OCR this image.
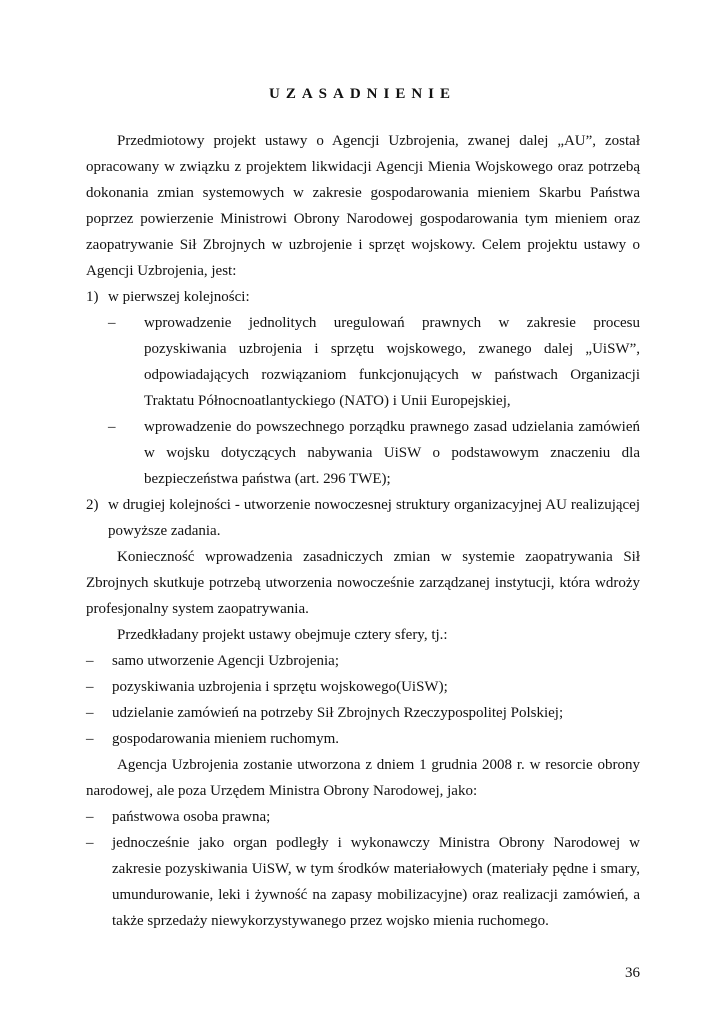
UZASADNIENIE

Przedmiotowy projekt ustawy o Agencji Uzbrojenia, zwanej dalej „AU”, został opracowany w związku z projektem likwidacji Agencji Mienia Wojskowego oraz potrzebą dokonania zmian systemowych w zakresie gospodarowania mieniem Skarbu Państwa poprzez powierzenie Ministrowi Obrony Narodowej gospodarowania tym mieniem oraz zaopatrywanie Sił Zbrojnych w uzbrojenie i sprzęt wojskowy. Celem projektu ustawy o Agencji Uzbrojenia, jest:

1) w pierwszej kolejności:
–	wprowadzenie jednolitych uregulowań prawnych w zakresie procesu pozyskiwania uzbrojenia i sprzętu wojskowego, zwanego dalej „UiSW”, odpowiadających rozwiązaniom funkcjonujących w państwach Organizacji Traktatu Północnoatlantyckiego (NATO) i Unii Europejskiej,
–	wprowadzenie do powszechnego porządku prawnego zasad udzielania zamówień w wojsku dotyczących nabywania UiSW o podstawowym znaczeniu dla bezpieczeństwa państwa (art. 296 TWE);
2) w drugiej kolejności - utworzenie nowoczesnej struktury organizacyjnej AU realizującej powyższe zadania.

Konieczność wprowadzenia zasadniczych zmian w systemie zaopatrywania Sił Zbrojnych skutkuje potrzebą utworzenia nowocześnie zarządzanej instytucji, która wdroży profesjonalny system zaopatrywania.

Przedkładany projekt ustawy obejmuje cztery sfery, tj.:

–	samo utworzenie Agencji Uzbrojenia;
–	pozyskiwania uzbrojenia i sprzętu wojskowego(UiSW);
–	udzielanie zamówień na potrzeby Sił Zbrojnych Rzeczypospolitej Polskiej;
–	gospodarowania mieniem ruchomym.

Agencja Uzbrojenia zostanie utworzona z dniem 1 grudnia 2008 r. w resorcie obrony narodowej, ale poza Urzędem Ministra Obrony Narodowej, jako:

–	państwowa osoba prawna;
–	jednocześnie jako organ podległy i wykonawczy Ministra Obrony Narodowej w zakresie pozyskiwania UiSW, w tym środków materiałowych (materiały pędne i smary, umundurowanie, leki i żywność na zapasy mobilizacyjne) oraz realizacji zamówień, a także sprzedaży niewykorzystywanego przez wojsko mienia ruchomego.
36
